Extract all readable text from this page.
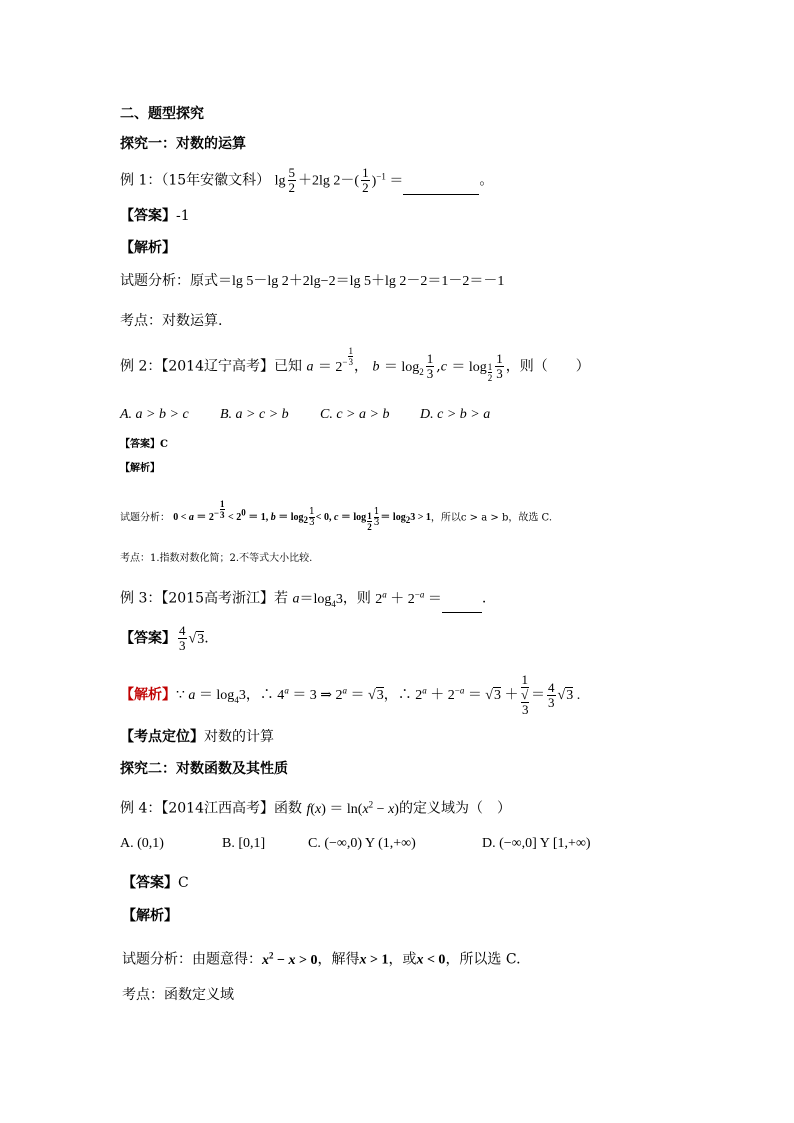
二、题型探究
探究一：对数的运算
例 1：（15年安徽文科） $\lg \frac{5}{2} +2\lg$ $2-( \frac{1}{2} )^{-1}$ ＝	。
【答案】-1
【解析】
试题分析：原式＝lg 5－lg 2＋2lg−2＝lg 5＋lg 2－2＝1－2＝－1
考点：对数运算.
例 2：【2014辽宁高考】已知 $a = 2^{- \frac{1}{3}}$ ， $b = \log_2 \frac{1}{3} ,c = \log _{\frac{1}{2}} \frac{1}{3}$ ，则（　　）
A. a > b > c B. a > c > b C. c > a > b D. c > b > a
【答案】C
【解析】
试题分析： $0 < a = 2^{- \frac{1}{3}} < 2^0 = 1$, $b = \log_2 \frac{1}{3} < 0$, $c = \log _{\frac{1}{2}} \frac{1}{3} = \log_23 > 1$，所以c > a > b，故选 C.
考点：1.指数对数化简；2.不等式大小比较.
例 3：【2015高考浙江】若 $a=\log_43$，则 $2^a + 2^{-a}$ ＝	.
【答案】 $\frac{4}{3} √3$.
【解析】∵ $a = \log_43$，∴ $4^a = 3$ ⇒ $2^a = √3$，∴ $2^a + 2^{-a} = √3 + 1$
√
$3 = \frac{4}{3} √3$ .
【考点定位】对数的计算
探究二：对数函数及其性质
例 4：【2014江西高考】函数 $f(x) = \ln(x^2 - x)$的定义域为（　）
A. (0,1)	B. [0,1]	C. (−∞,0) Y (1,+∞)	D. (−∞,0] Y [1,+∞)
【答案】C
【解析】
试题分析：由题意得：$x^2 - x > 0$，解得x > 1，或x < 0，所以选 C.
考点：函数定义域
